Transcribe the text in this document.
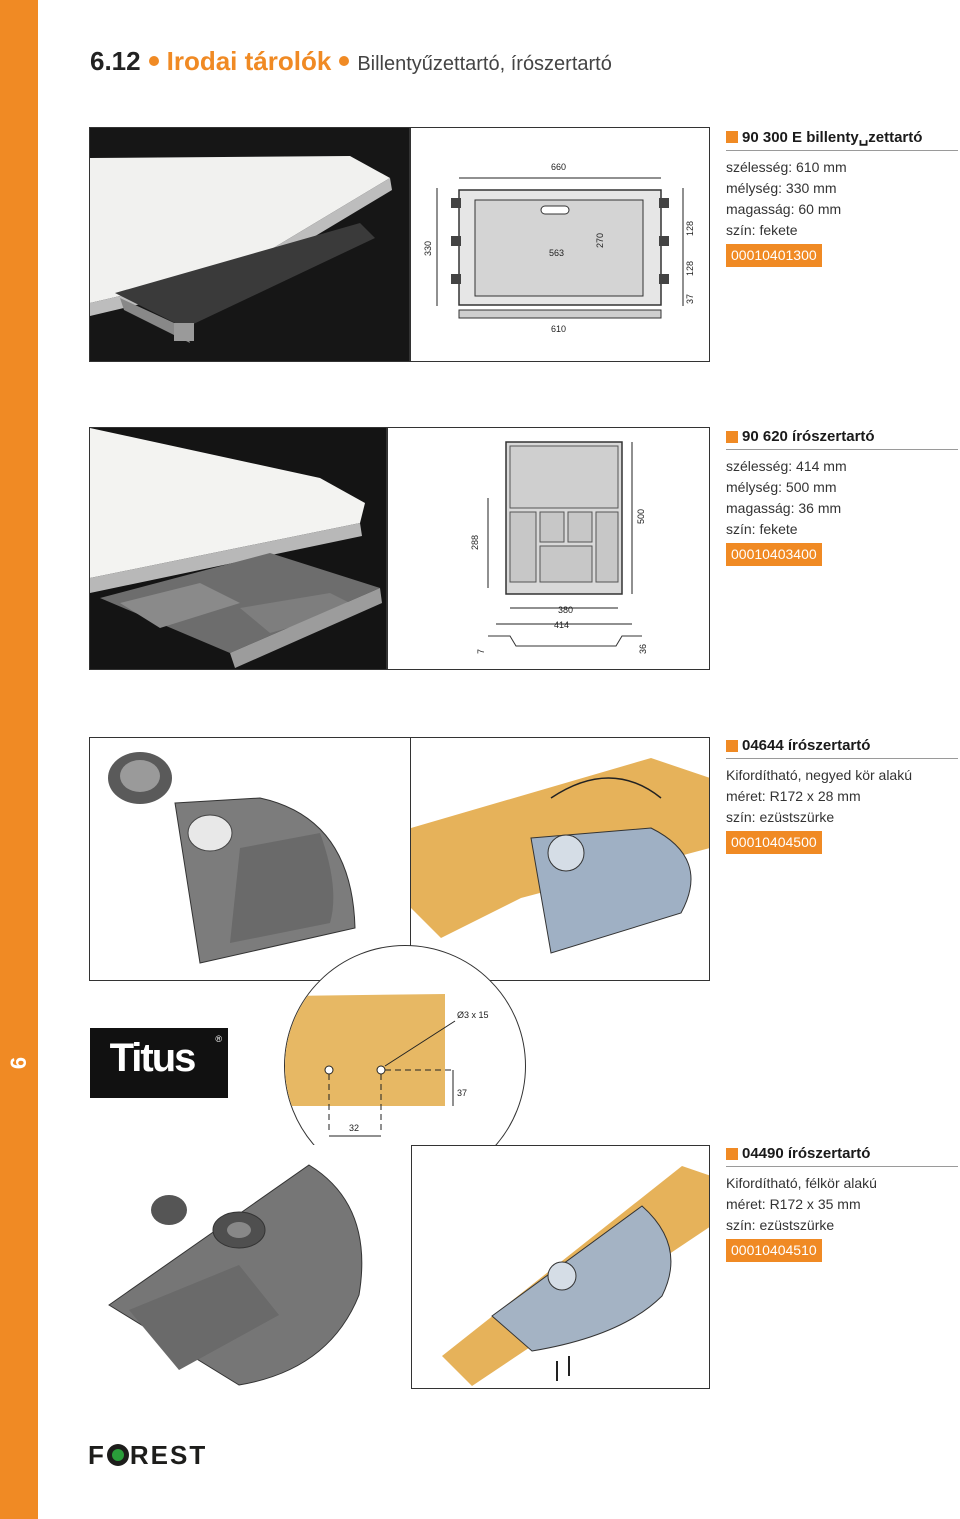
6
6.12 Irodai tárolók Billentyűzettartó, írószertartó
660
563
270
330
128
128
37
610
90 300 E billenty␣zettartó
szélesség: 610 mm
mélység: 330 mm
magasság: 60 mm
szín: fekete
00010401300
288
500
380
414
7	36
90 620 írószertartó
szélesség: 414 mm
mélység: 500 mm
magasság: 36 mm
szín: fekete
00010403400
04644 írószertartó
Kifordítható, negyed kör alakú
méret: R172 x 28 mm
szín: ezüstszürke
00010404500
Ø3 x 15
37
32
Titus	®
04490 írószertartó
Kifordítható, félkör alakú
méret: R172 x 35 mm
szín: ezüstszürke
00010404510
F REST
